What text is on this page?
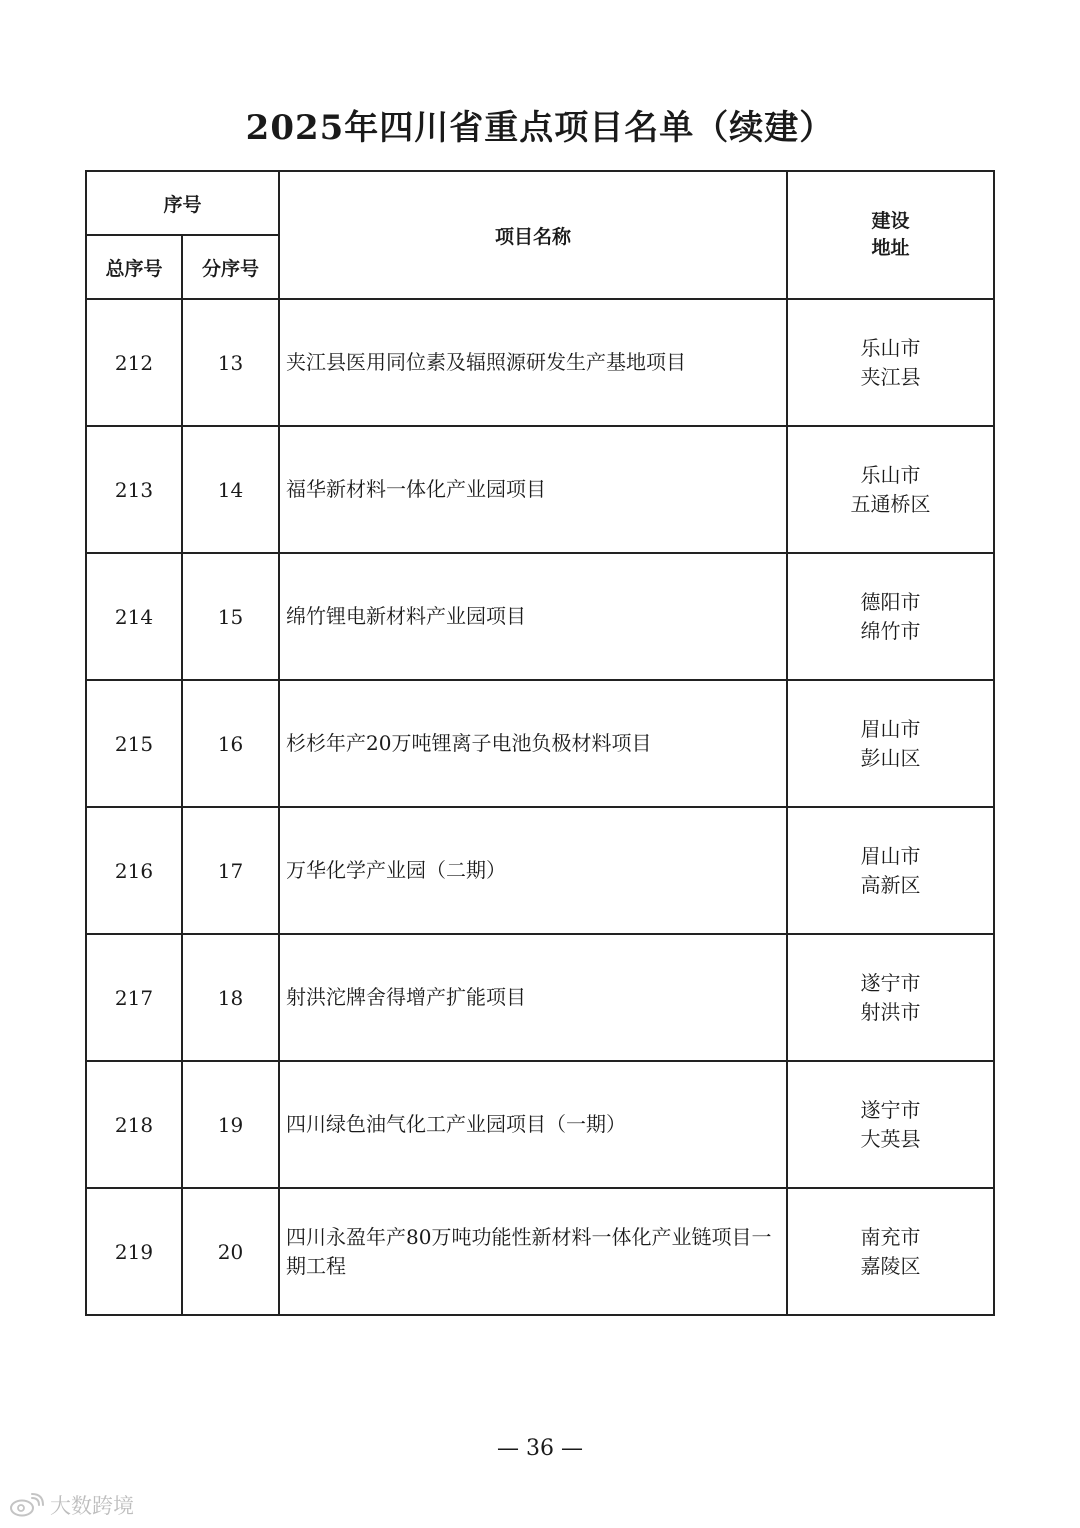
2025年四川省重点项目名单（续建）
序号		项目名称	建设
地址

总序号	分序号		
212	13	夹江县医用同位素及辐照源研发生产基地项目	乐山市
夹江县

213	14	福华新材料一体化产业园项目	乐山市
五通桥区

214	15	绵竹锂电新材料产业园项目	德阳市
绵竹市

215	16	杉杉年产20万吨锂离子电池负极材料项目	眉山市
彭山区

216	17	万华化学产业园（二期）	眉山市
高新区

217	18	射洪沱牌舍得增产扩能项目	遂宁市
射洪市

218	19	四川绿色油气化工产业园项目（一期）	遂宁市
大英县

219	20	四川永盈年产80万吨功能性新材料一体化产业链项目一期工程	南充市
嘉陵区
— 36 —
大数跨境
